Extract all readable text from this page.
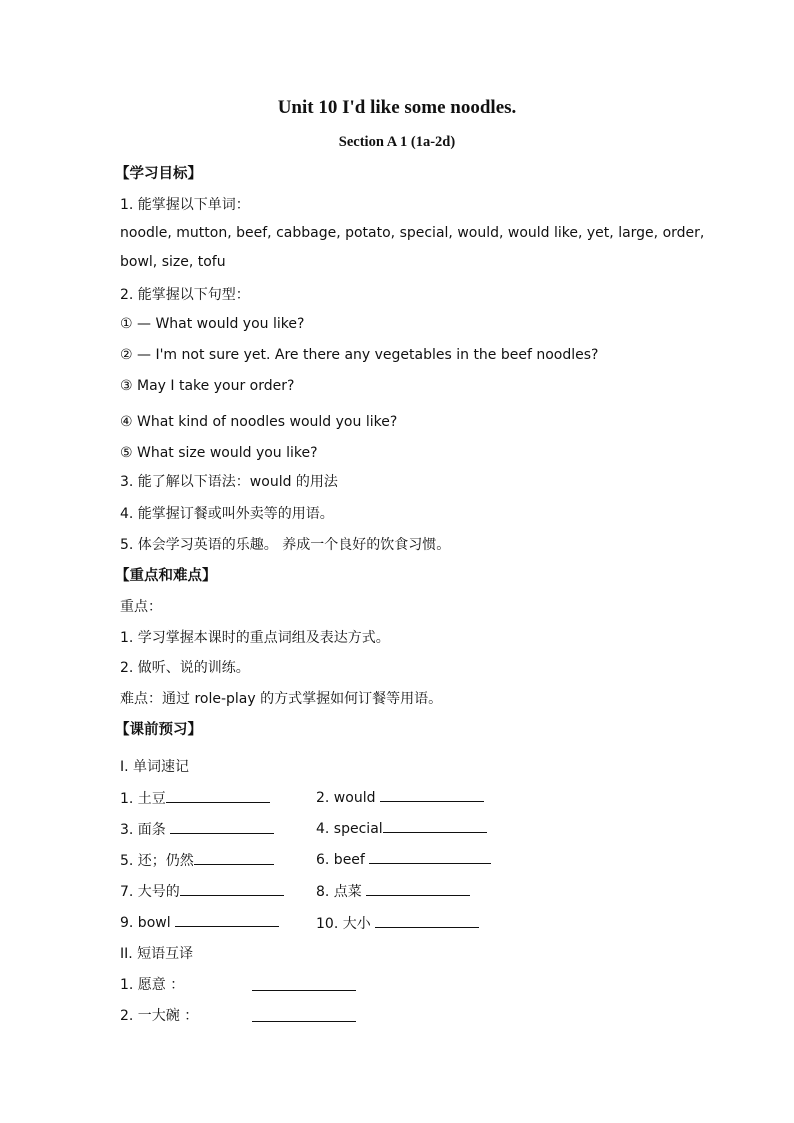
Unit 10 I'd like some noodles.
Section A 1 (1a-2d)
【学习目标】
1. 能掌握以下单词：
noodle, mutton, beef, cabbage, potato, special, would, would like, yet, large, order,
bowl, size, tofu
2. 能掌握以下句型：
① — What would you like?
② — I'm not sure yet. Are there any vegetables in the beef noodles?
③ May I take your order?
④ What kind of noodles would you like?
⑤ What size would you like?
3. 能了解以下语法：would 的用法
4. 能掌握订餐或叫外卖等的用语。
5. 体会学习英语的乐趣。 养成一个良好的饮食习惯。
【重点和难点】
重点：
1. 学习掌握本课时的重点词组及表达方式。
2. 做听、说的训练。
难点：通过 role-play 的方式掌握如何订餐等用语。
【课前预习】
I. 单词速记
1. 土豆	2. would
3. 面条	4. special
5. 还；仍然	6. beef
7. 大号的	8. 点菜
9. bowl	10. 大小
II. 短语互译
1. 愿意 ：
2. 一大碗 ：
